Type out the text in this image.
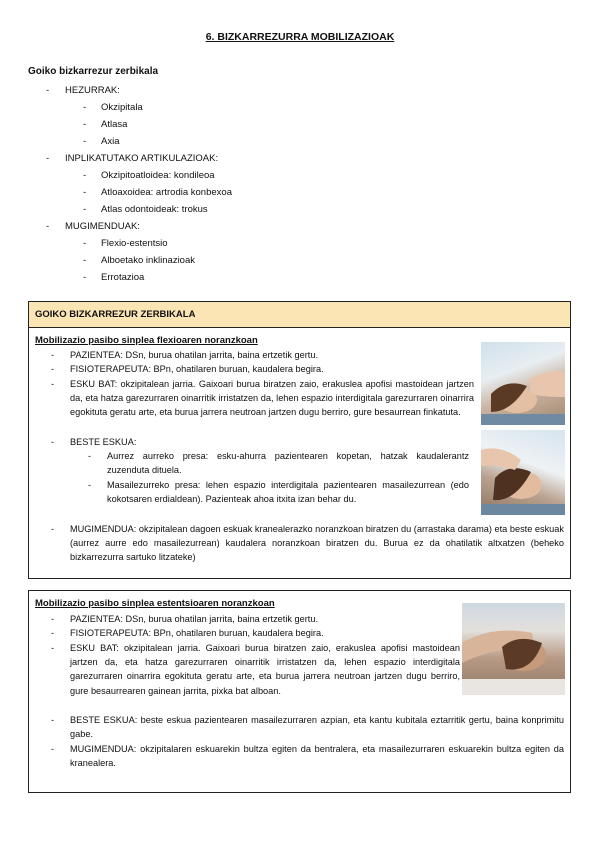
6. BIZKARREZURRA MOBILIZAZIOAK
Goiko bizkarrezur zerbikala
- HEZURRAK:
- Okzipitala
- Atlasa
- Axia
- INPLIKATUTAKO ARTIKULAZIOAK:
- Okzipitoatloidea: kondileoa
- Atloaxoidea: artrodia konbexoa
- Atlas odontoideak: trokus
- MUGIMENDUAK:
- Flexio-estentsio
- Alboetako inklinazioak
- Errotazioa
GOIKO BIZKARREZUR ZERBIKALA
Mobilizazio pasibo sinplea flexioaren noranzkoan
- PAZIENTEA: DSn, burua ohatilan jarrita, baina ertzetik gertu.
- FISIOTERAPEUTA: BPn, ohatilaren buruan, kaudalera begira.
- ESKU BAT: okzipitalean jarria. Gaixoari burua biratzen zaio, erakuslea apofisi mastoidean jartzen da, eta hatza garezurraren oinarritik irristatzen da, lehen espazio interdigitala garezurraren oinarrira egokituta geratu arte, eta burua jarrera neutroan jartzen dugu berriro, gure besaurrean finkatuta.
- BESTE ESKUA:
- Aurrez aurreko presa: esku-ahurra pazientearen kopetan, hatzak kaudalerantz zuzenduta dituela.
- Masailezurreko presa: lehen espazio interdigitala pazientearen masailezurrean (edo kokotsaren erdialdean). Pazienteak ahoa itxita izan behar du.
- MUGIMENDUA: okzipitalean dagoen eskuak kranealerazko noranzkoan biratzen du (arrastaka darama) eta beste eskuak (aurrez aurre edo masailezurrean) kaudalera noranzkoan biratzen du. Burua ez da ohatilatik altxatzen (beheko bizkarrezurra sartuko litzateke)
Mobilizazio pasibo sinplea estentsioaren noranzkoan
- PAZIENTEA: DSn, burua ohatilan jarrita, baina ertzetik gertu.
- FISIOTERAPEUTA: BPn, ohatilaren buruan, kaudalera begira.
- ESKU BAT: okzipitalean jarria. Gaixoari burua biratzen zaio, erakuslea apofisi mastoidean jartzen da, eta hatza garezurraren oinarritik irristatzen da, lehen espazio interdigitala garezurraren oinarrira egokituta geratu arte, eta burua jarrera neutroan jartzen dugu berriro, gure besaurrearen gainean jarrita, pixka bat alboan.
- BESTE ESKUA: beste eskua pazientearen masailezurraren azpian, eta kantu kubitala eztarritik gertu, baina konprimitu gabe.
- MUGIMENDUA: okzipitalaren eskuarekin bultza egiten da bentralera, eta masailezurraren eskuarekin bultza egiten da kranealera.
